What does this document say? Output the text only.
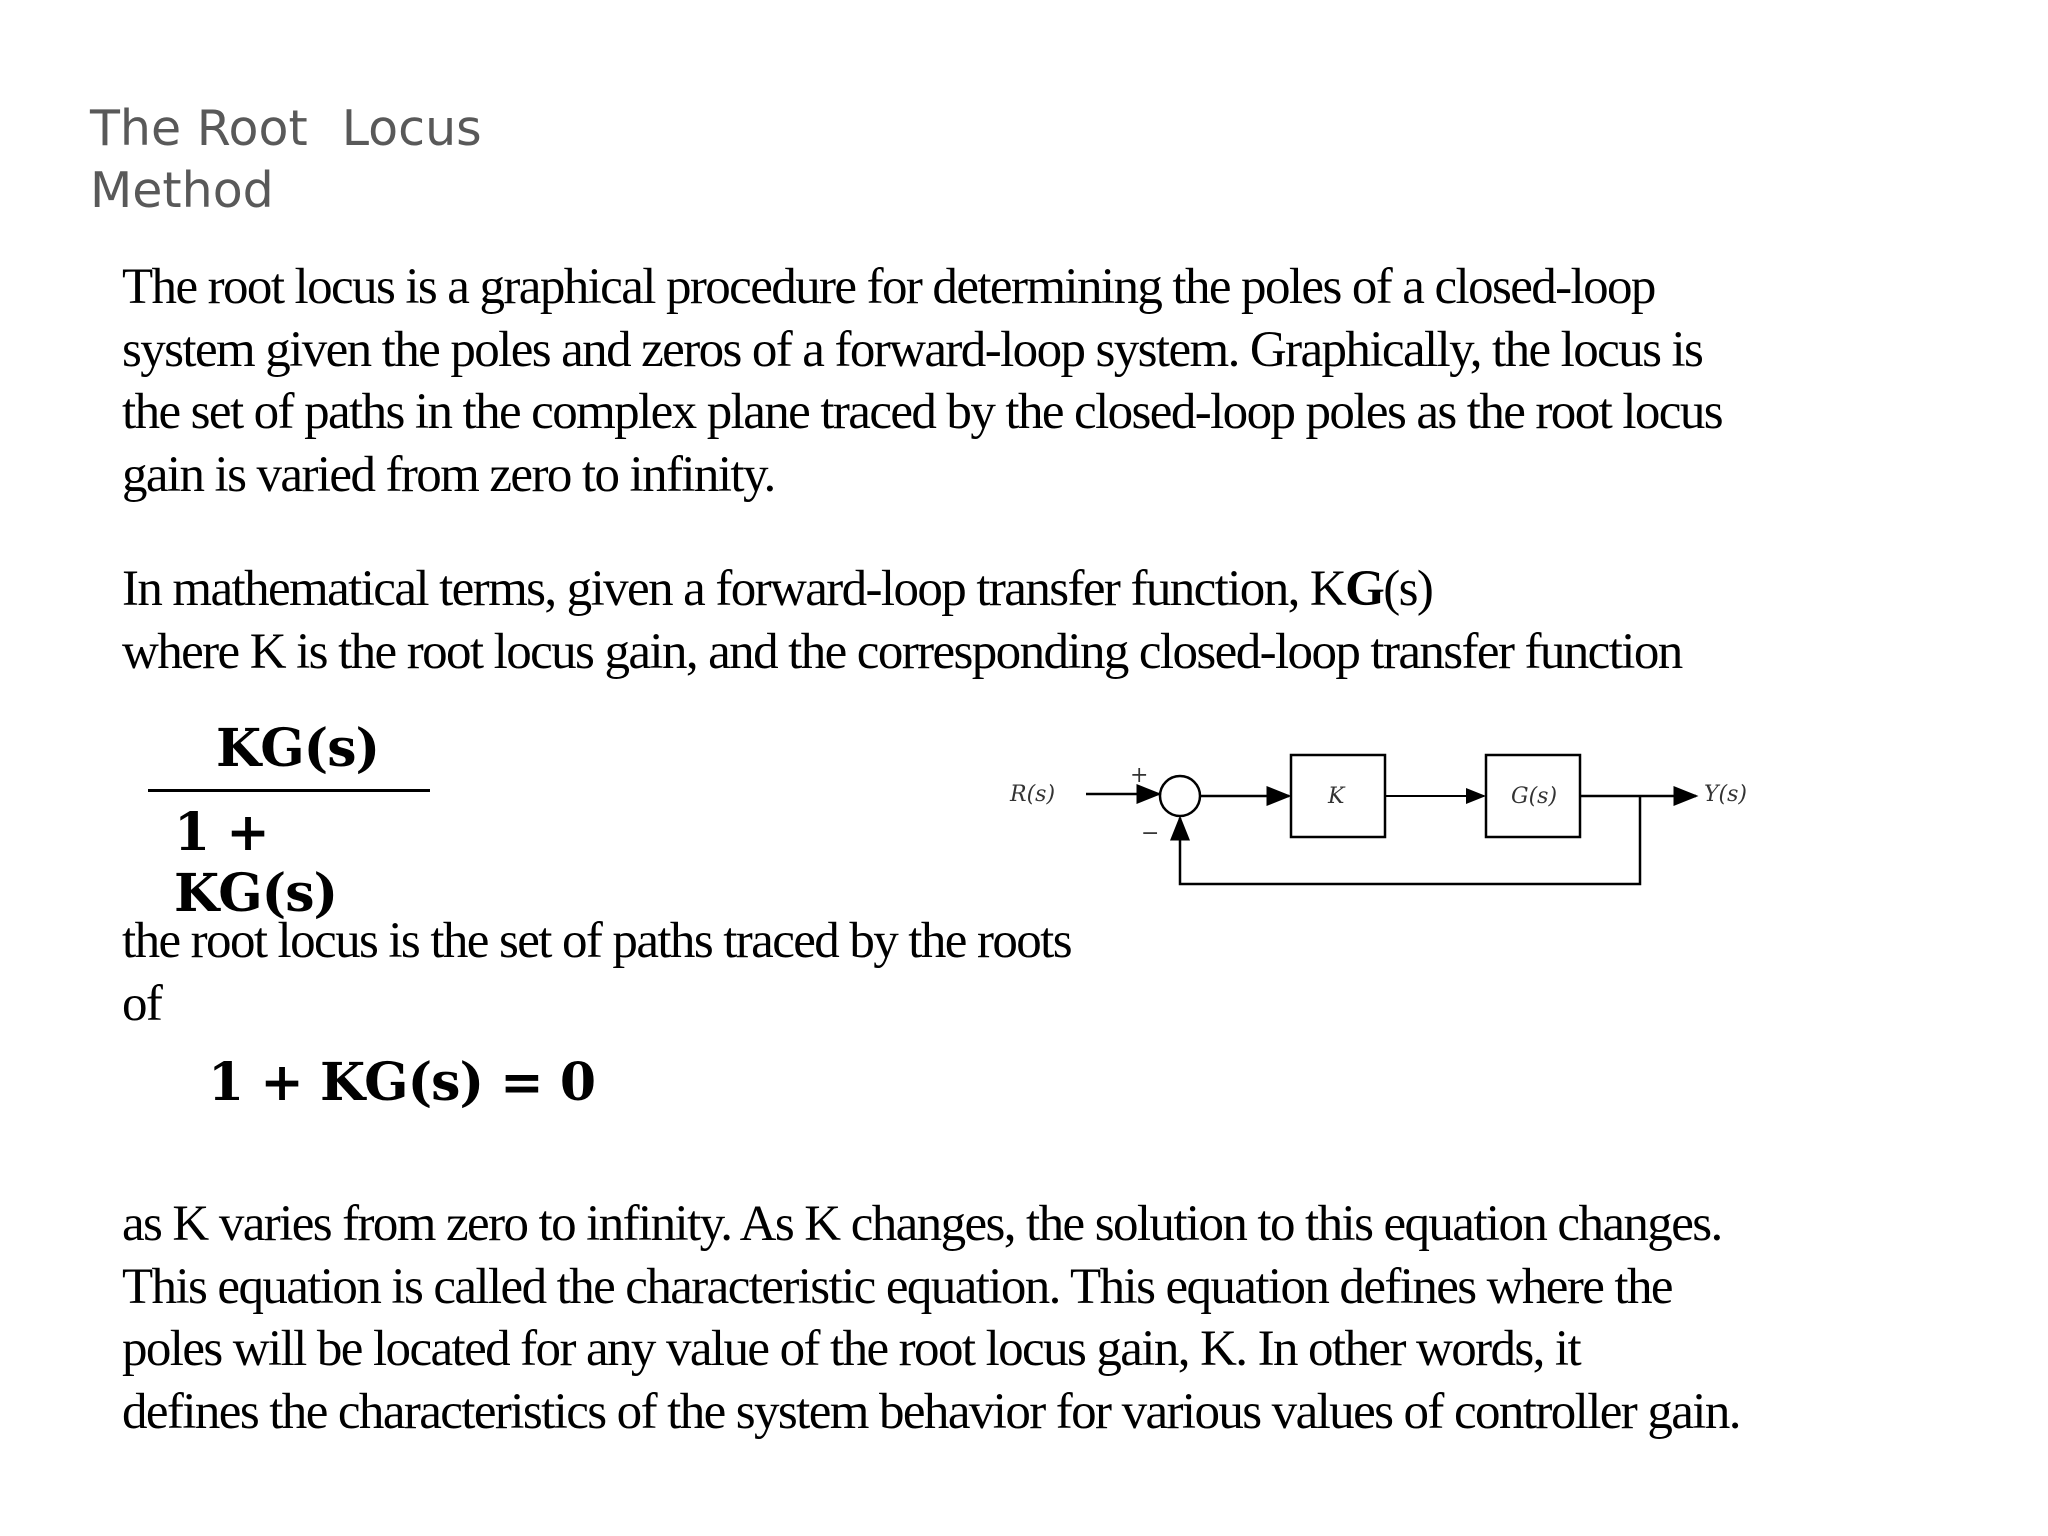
The Root Locus
Method

The root locus is a graphical procedure for determining the poles of a closed-loop
system given the poles and zeros of a forward-loop system. Graphically, the locus is
the set of paths in the complex plane traced by the closed-loop poles as the root locus
gain is varied from zero to infinity.

In mathematical terms, given a forward-loop transfer function, KG(s)
where K is the root locus gain, and the corresponding closed-loop transfer function

KG(s)
1 + KG(s)
R(s)
+
−
K	G(s)	Y(s)

the root locus is the set of paths traced by the roots
of

1 + KG(s) = 0

as K varies from zero to infinity. As K changes, the solution to this equation changes.
This equation is called the characteristic equation. This equation defines where the
poles will be located for any value of the root locus gain, K. In other words, it
defines the characteristics of the system behavior for various values of controller gain.
